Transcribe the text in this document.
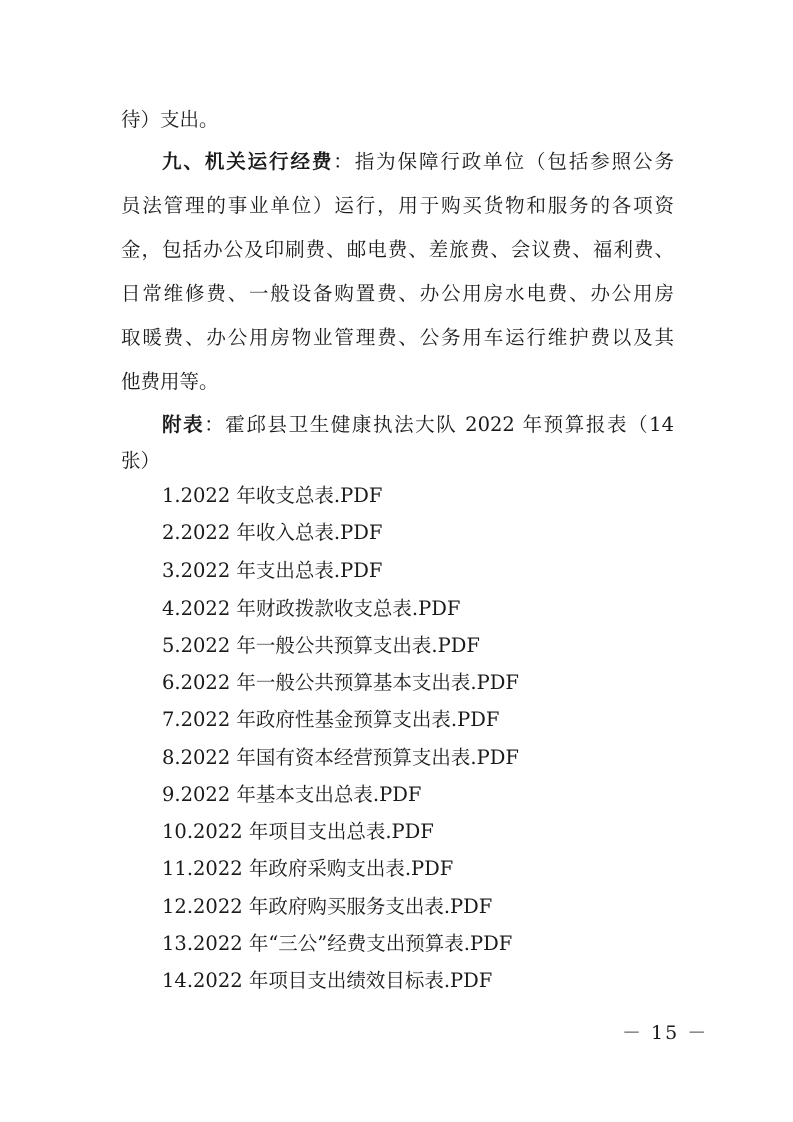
待）支出。
九、机关运行经费：指为保障行政单位（包括参照公务
员法管理的事业单位）运行，用于购买货物和服务的各项资
金，包括办公及印刷费、邮电费、差旅费、会议费、福利费、
日常维修费、一般设备购置费、办公用房水电费、办公用房
取暖费、办公用房物业管理费、公务用车运行维护费以及其
他费用等。
附表：霍邱县卫生健康执法大队 2022 年预算报表（14
张）
1.2022 年收支总表.PDF
2.2022 年收入总表.PDF
3.2022 年支出总表.PDF
4.2022 年财政拨款收支总表.PDF
5.2022 年一般公共预算支出表.PDF
6.2022 年一般公共预算基本支出表.PDF
7.2022 年政府性基金预算支出表.PDF
8.2022 年国有资本经营预算支出表.PDF
9.2022 年基本支出总表.PDF
10.2022 年项目支出总表.PDF
11.2022 年政府采购支出表.PDF
12.2022 年政府购买服务支出表.PDF
13.2022 年“三公”经费支出预算表.PDF
14.2022 年项目支出绩效目标表.PDF
－ 15 －
